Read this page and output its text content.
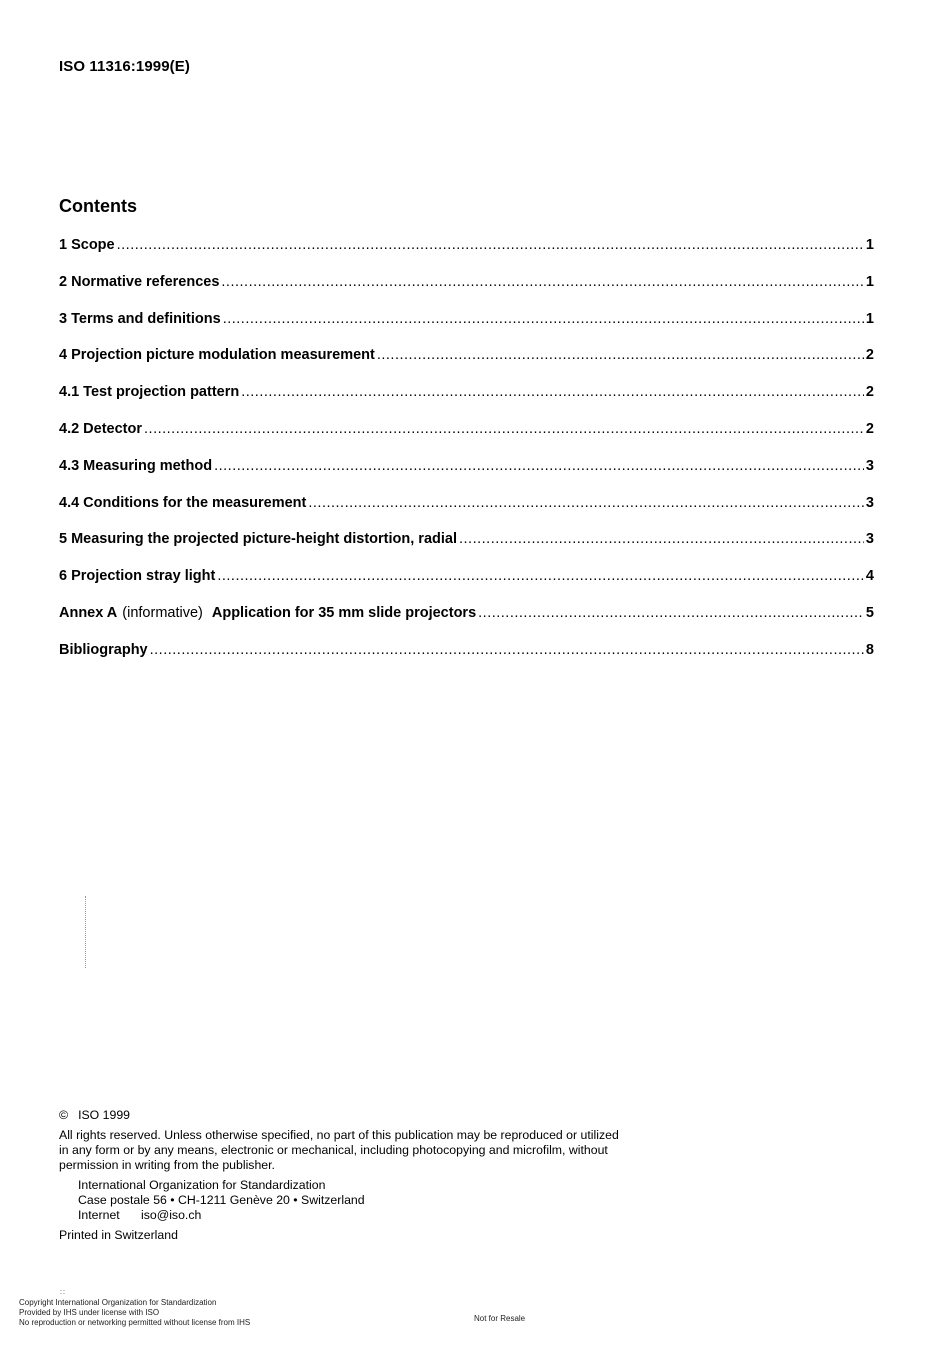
ISO 11316:1999(E)
Contents
1 Scope .....	1
2 Normative references .....	1
3 Terms and definitions .....	1
4 Projection picture modulation measurement .....	2
4.1 Test projection pattern .....	2
4.2 Detector .....	2
4.3 Measuring method .....	3
4.4 Conditions for the measurement .....	3
5 Measuring the projected picture-height distortion, radial .....	3
6 Projection stray light .....	4
Annex A (informative) Application for 35 mm slide projectors .....	5
Bibliography .....	8
© ISO 1999
All rights reserved. Unless otherwise specified, no part of this publication may be reproduced or utilized in any form or by any means, electronic or mechanical, including photocopying and microfilm, without permission in writing from the publisher.
International Organization for Standardization
Case postale 56 • CH-1211 Genève 20 • Switzerland
Internet iso@iso.ch
Printed in Switzerland
::
Copyright International Organization for Standardization
Provided by IHS under license with ISO
No reproduction or networking permitted without license from IHS	Not for Resale
